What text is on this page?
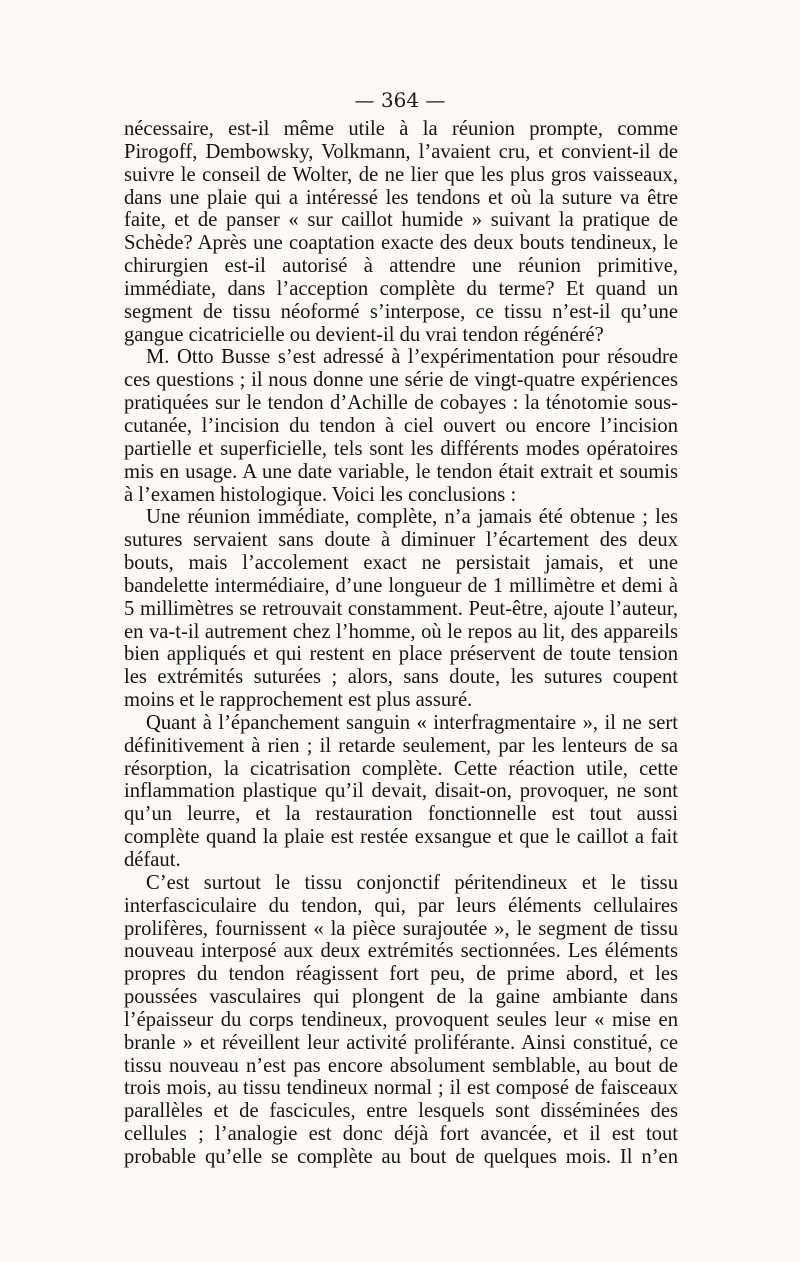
— 364 —

nécessaire, est-il même utile à la réunion prompte, comme Pirogoff, Dembowsky, Volkmann, l’avaient cru, et convient-il de suivre le conseil de Wolter, de ne lier que les plus gros vaisseaux, dans une plaie qui a intéressé les tendons et où la suture va être faite, et de panser « sur caillot humide » suivant la pratique de Schède? Après une coaptation exacte des deux bouts tendineux, le chirurgien est-il autorisé à attendre une réunion primitive, immédiate, dans l’acception complète du terme? Et quand un segment de tissu néoformé s’interpose, ce tissu n’est-il qu’une gangue cicatricielle ou devient-il du vrai tendon régénéré?

M. Otto Busse s’est adressé à l’expérimentation pour résoudre ces questions ; il nous donne une série de vingt-quatre expériences pratiquées sur le tendon d’Achille de cobayes : la ténotomie sous-cutanée, l’incision du tendon à ciel ouvert ou encore l’incision partielle et superficielle, tels sont les différents modes opératoires mis en usage. A une date variable, le tendon était extrait et soumis à l’examen histologique. Voici les conclusions :

Une réunion immédiate, complète, n’a jamais été obtenue ; les sutures servaient sans doute à diminuer l’écartement des deux bouts, mais l’accolement exact ne persistait jamais, et une bandelette intermédiaire, d’une longueur de 1 millimètre et demi à 5 millimètres se retrouvait constamment. Peut-être, ajoute l’auteur, en va-t-il autrement chez l’homme, où le repos au lit, des appareils bien appliqués et qui restent en place préservent de toute tension les extrémités suturées ; alors, sans doute, les sutures coupent moins et le rapprochement est plus assuré.

Quant à l’épanchement sanguin « interfragmentaire », il ne sert définitivement à rien ; il retarde seulement, par les lenteurs de sa résorption, la cicatrisation complète. Cette réaction utile, cette inflammation plastique qu’il devait, disait-on, provoquer, ne sont qu’un leurre, et la restauration fonctionnelle est tout aussi complète quand la plaie est restée exsangue et que le caillot a fait défaut.

C’est surtout le tissu conjonctif péritendineux et le tissu interfasciculaire du tendon, qui, par leurs éléments cellulaires prolifères, fournissent « la pièce surajoutée », le segment de tissu nouveau interposé aux deux extrémités sectionnées. Les éléments propres du tendon réagissent fort peu, de prime abord, et les poussées vasculaires qui plongent de la gaine ambiante dans l’épaisseur du corps tendineux, provoquent seules leur « mise en branle » et réveillent leur activité proliférante. Ainsi constitué, ce tissu nouveau n’est pas encore absolument semblable, au bout de trois mois, au tissu tendineux normal ; il est composé de faisceaux parallèles et de fascicules, entre lesquels sont disséminées des cellules ; l’analogie est donc déjà fort avancée, et il est tout probable qu’elle se complète au bout de quelques mois. Il n’en
